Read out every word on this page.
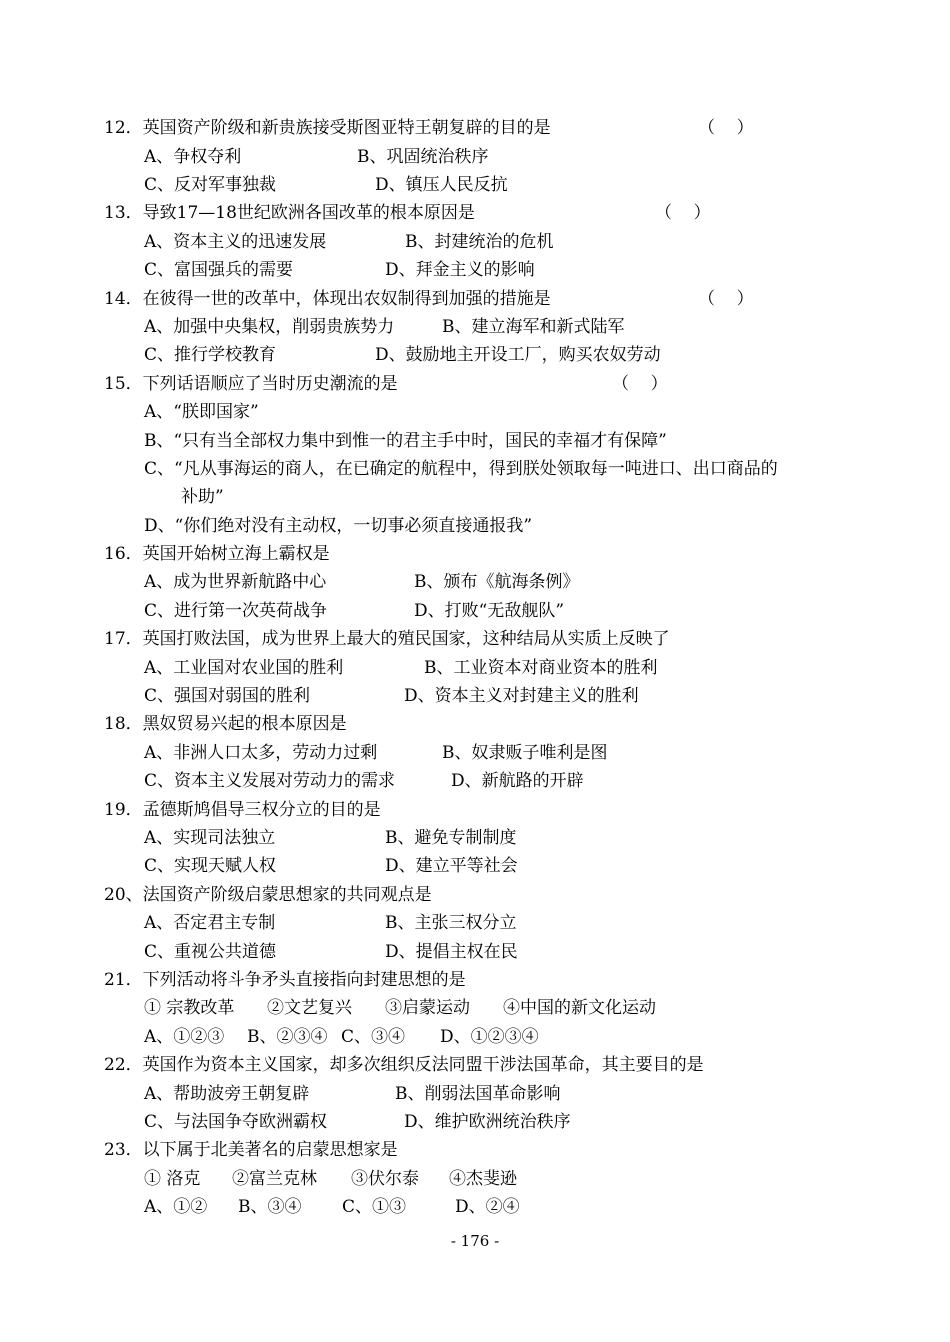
12．英国资产阶级和新贵族接受斯图亚特王朝复辟的目的是	（    ）
A、争权夺利	B、巩固统治秩序
C、反对军事独裁	D、镇压人民反抗
13．导致17—18世纪欧洲各国改革的根本原因是	（    ）
A、资本主义的迅速发展	B、封建统治的危机
C、富国强兵的需要	D、拜金主义的影响
14．在彼得一世的改革中，体现出农奴制得到加强的措施是	（    ）
A、加强中央集权，削弱贵族势力	B、建立海军和新式陆军
C、推行学校教育	D、鼓励地主开设工厂，购买农奴劳动
15．下列话语顺应了当时历史潮流的是	（    ）
A、“朕即国家”
B、“只有当全部权力集中到惟一的君主手中时，国民的幸福才有保障”
C、“凡从事海运的商人，在已确定的航程中，得到朕处领取每一吨进口、出口商品的
补助”
D、“你们绝对没有主动权，一切事必须直接通报我”
16．英国开始树立海上霸权是
A、成为世界新航路中心	B、颁布《航海条例》
C、进行第一次英荷战争	D、打败“无敌舰队”
17．英国打败法国，成为世界上最大的殖民国家，这种结局从实质上反映了
A、工业国对农业国的胜利	B、工业资本对商业资本的胜利
C、强国对弱国的胜利	D、资本主义对封建主义的胜利
18．黑奴贸易兴起的根本原因是
A、非洲人口太多，劳动力过剩	B、奴隶贩子唯利是图
C、资本主义发展对劳动力的需求	D、新航路的开辟
19．孟德斯鸠倡导三权分立的目的是
A、实现司法独立	B、避免专制制度
C、实现天赋人权	D、建立平等社会
20、法国资产阶级启蒙思想家的共同观点是
A、否定君主专制	B、主张三权分立
C、重视公共道德	D、提倡主权在民
21．下列活动将斗争矛头直接指向封建思想的是
① 宗教改革 ②文艺复兴 ③启蒙运动 ④中国的新文化运动
A、①②③ B、②③④ C、③④ D、①②③④
22．英国作为资本主义国家，却多次组织反法同盟干涉法国革命，其主要目的是
A、帮助波旁王朝复辟	B、削弱法国革命影响
C、与法国争夺欧洲霸权	D、维护欧洲统治秩序
23．以下属于北美著名的启蒙思想家是
① 洛克 ②富兰克林 ③伏尔泰 ④杰斐逊
A、①② B、③④ C、①③	D、②④
- 176 -
